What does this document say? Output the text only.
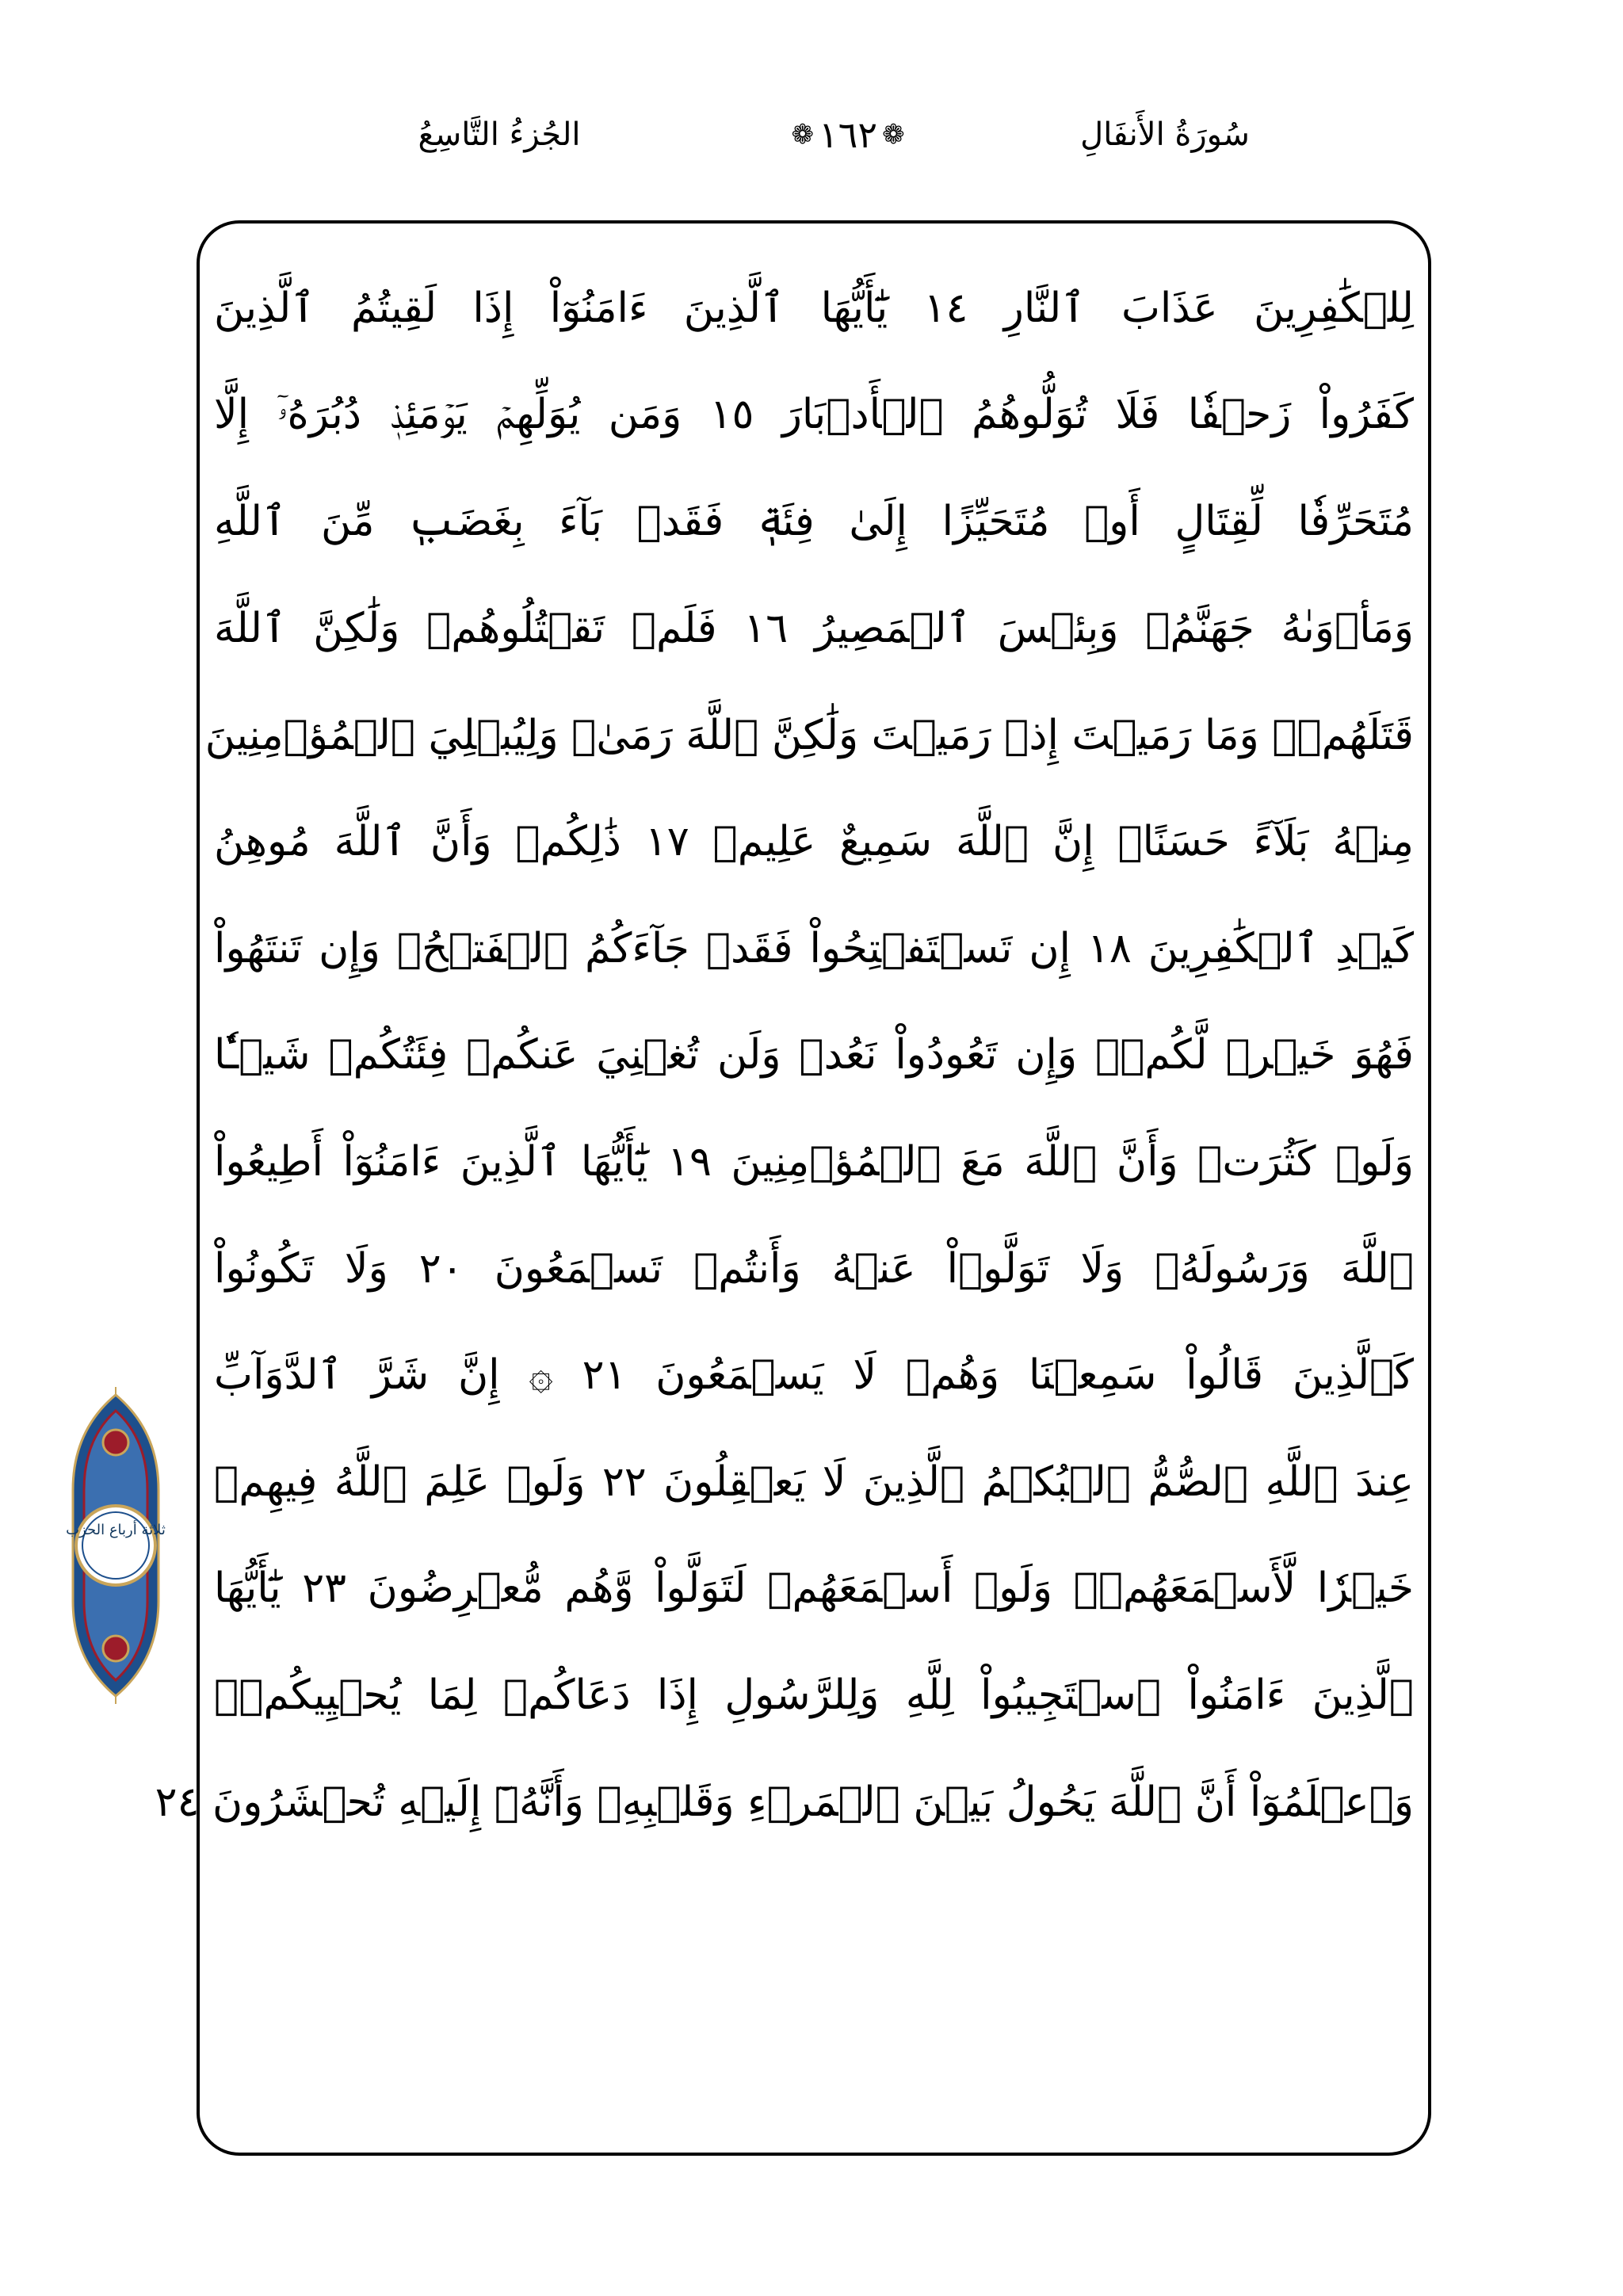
سُورَةُ الأَنفَالِ
❁ ١٦٢ ❁
الجُزءُ التَّاسِعُ
لِلۡكَٰفِرِينَ عَذَابَ ٱلنَّارِ ١٤ يَٰٓأَيُّهَا ٱلَّذِينَ ءَامَنُوٓاْ إِذَا لَقِيتُمُ ٱلَّذِينَ
كَفَرُواْ زَحۡفٗا فَلَا تُوَلُّوهُمُ ٱلۡأَدۡبَارَ ١٥ وَمَن يُوَلِّهِمۡ يَوۡمَئِذٖ دُبُرَهُۥٓ إِلَّا
مُتَحَرِّفٗا لِّقِتَالٍ أَوۡ مُتَحَيِّزًا إِلَىٰ فِئَةٖ فَقَدۡ بَآءَ بِغَضَبٖ مِّنَ ٱللَّهِ
وَمَأۡوَىٰهُ جَهَنَّمُۖ وَبِئۡسَ ٱلۡمَصِيرُ ١٦ فَلَمۡ تَقۡتُلُوهُمۡ وَلَٰكِنَّ ٱللَّهَ
قَتَلَهُمۡۚ وَمَا رَمَيۡتَ إِذۡ رَمَيۡتَ وَلَٰكِنَّ ٱللَّهَ رَمَىٰۚ وَلِيُبۡلِيَ ٱلۡمُؤۡمِنِينَ
مِنۡهُ بَلَآءً حَسَنًاۚ إِنَّ ٱللَّهَ سَمِيعٌ عَلِيمٞ ١٧ ذَٰلِكُمۡ وَأَنَّ ٱللَّهَ مُوهِنُ
كَيۡدِ ٱلۡكَٰفِرِينَ ١٨ إِن تَسۡتَفۡتِحُواْ فَقَدۡ جَآءَكُمُ ٱلۡفَتۡحُۖ وَإِن تَنتَهُواْ
فَهُوَ خَيۡرٞ لَّكُمۡۖ وَإِن تَعُودُواْ نَعُدۡ وَلَن تُغۡنِيَ عَنكُمۡ فِئَتُكُمۡ شَيۡـٔٗا
وَلَوۡ كَثُرَتۡ وَأَنَّ ٱللَّهَ مَعَ ٱلۡمُؤۡمِنِينَ ١٩ يَٰٓأَيُّهَا ٱلَّذِينَ ءَامَنُوٓاْ أَطِيعُواْ
ٱللَّهَ وَرَسُولَهُۥ وَلَا تَوَلَّوۡاْ عَنۡهُ وَأَنتُمۡ تَسۡمَعُونَ ٢٠ وَلَا تَكُونُواْ
كَٱلَّذِينَ قَالُواْ سَمِعۡنَا وَهُمۡ لَا يَسۡمَعُونَ ٢١ ۞ إِنَّ شَرَّ ٱلدَّوَآبِّ
عِندَ ٱللَّهِ ٱلصُّمُّ ٱلۡبُكۡمُ ٱلَّذِينَ لَا يَعۡقِلُونَ ٢٢ وَلَوۡ عَلِمَ ٱللَّهُ فِيهِمۡ
خَيۡرٗا لَّأَسۡمَعَهُمۡۖ وَلَوۡ أَسۡمَعَهُمۡ لَتَوَلَّواْ وَّهُم مُّعۡرِضُونَ ٢٣ يَٰٓأَيُّهَا
ٱلَّذِينَ ءَامَنُواْ ٱسۡتَجِيبُواْ لِلَّهِ وَلِلرَّسُولِ إِذَا دَعَاكُمۡ لِمَا يُحۡيِيكُمۡۖ
وَٱعۡلَمُوٓاْ أَنَّ ٱللَّهَ يَحُولُ بَيۡنَ ٱلۡمَرۡءِ وَقَلۡبِهِۦ وَأَنَّهُۥٓ إِلَيۡهِ تُحۡشَرُونَ ٢٤
ثلاثة أرباع الحزب
